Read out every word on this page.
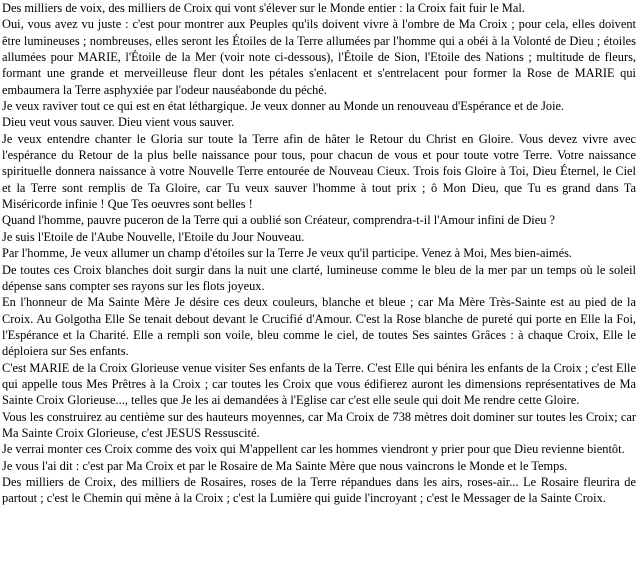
Des milliers de voix, des milliers de Croix qui vont s'élever sur le Monde entier : la Croix fait fuir le Mal.

Oui, vous avez vu juste : c'est pour montrer aux Peuples qu'ils doivent vivre à l'ombre de Ma Croix ; pour cela, elles doivent être lumineuses ; nombreuses, elles seront les Étoiles de la Terre allumées par l'homme qui a obéi à la Volonté de Dieu ; étoiles allumées pour MARIE, l'Étoile de la Mer (voir note ci-dessous), l'Étoile de Sion, l'Etoile des Nations ; multitude de fleurs, formant une grande et merveilleuse fleur dont les pétales s'enlacent et s'entrelacent pour former la Rose de MARIE qui embaumera la Terre asphyxiée par l'odeur nauséabonde du péché.

Je veux raviver tout ce qui est en état léthargique. Je veux donner au Monde un renouveau d'Espérance et de Joie.

Dieu veut vous sauver. Dieu vient vous sauver.

Je veux entendre chanter le Gloria sur toute la Terre afin de hâter le Retour du Christ en Gloire. Vous devez vivre avec l'espérance du Retour de la plus belle naissance pour tous, pour chacun de vous et pour toute votre Terre. Votre naissance spirituelle donnera naissance à votre Nouvelle Terre entourée de Nouveau Cieux. Trois fois Gloire à Toi, Dieu Éternel, le Ciel et la Terre sont remplis de Ta Gloire, car Tu veux sauver l'homme à tout prix ; ô Mon Dieu, que Tu es grand dans Ta Miséricorde infinie ! Que Tes oeuvres sont belles !

Quand l'homme, pauvre puceron de la Terre qui a oublié son Créateur, comprendra-t-il l'Amour infini de Dieu ?

Je suis l'Etoile de l'Aube Nouvelle, l'Etoile du Jour Nouveau.

Par l'homme, Je veux allumer un champ d'étoiles sur la Terre Je veux qu'il participe. Venez à Moi, Mes bien-aimés.

De toutes ces Croix blanches doit surgir dans la nuit une clarté, lumineuse comme le bleu de la mer par un temps où le soleil dépense sans compter ses rayons sur les flots joyeux.

En l'honneur de Ma Sainte Mère Je désire ces deux couleurs, blanche et bleue ; car Ma Mère Très-Sainte est au pied de la Croix. Au Golgotha Elle Se tenait debout devant le Crucifié d'Amour. C'est la Rose blanche de pureté qui porte en Elle la Foi, l'Espérance et la Charité. Elle a rempli son voile, bleu comme le ciel, de toutes Ses saintes Grâces : à chaque Croix, Elle le déploiera sur Ses enfants.

C'est MARIE de la Croix Glorieuse venue visiter Ses enfants de la Terre. C'est Elle qui bénira les enfants de la Croix ; c'est Elle qui appelle tous Mes Prêtres à la Croix ; car toutes les Croix que vous édifierez auront les dimensions représentatives de Ma Sainte Croix Glorieuse..., telles que Je les ai demandées à l'Eglise car c'est elle seule qui doit Me rendre cette Gloire.

Vous les construirez au centième sur des hauteurs moyennes, car Ma Croix de 738 mètres doit dominer sur toutes les Croix; car Ma Sainte Croix Glorieuse, c'est JESUS Ressuscité.

Je verrai monter ces Croix comme des voix qui M'appellent car les hommes viendront y prier pour que Dieu revienne bientôt.

Je vous l'ai dit : c'est par Ma Croix et par le Rosaire de Ma Sainte Mère que nous vaincrons le Monde et le Temps.

Des milliers de Croix, des milliers de Rosaires, roses de la Terre répandues dans les airs, roses-air... Le Rosaire fleurira de partout ; c'est le Chemin qui mène à la Croix ; c'est la Lumière qui guide l'incroyant ; c'est le Messager de la Sainte Croix.
